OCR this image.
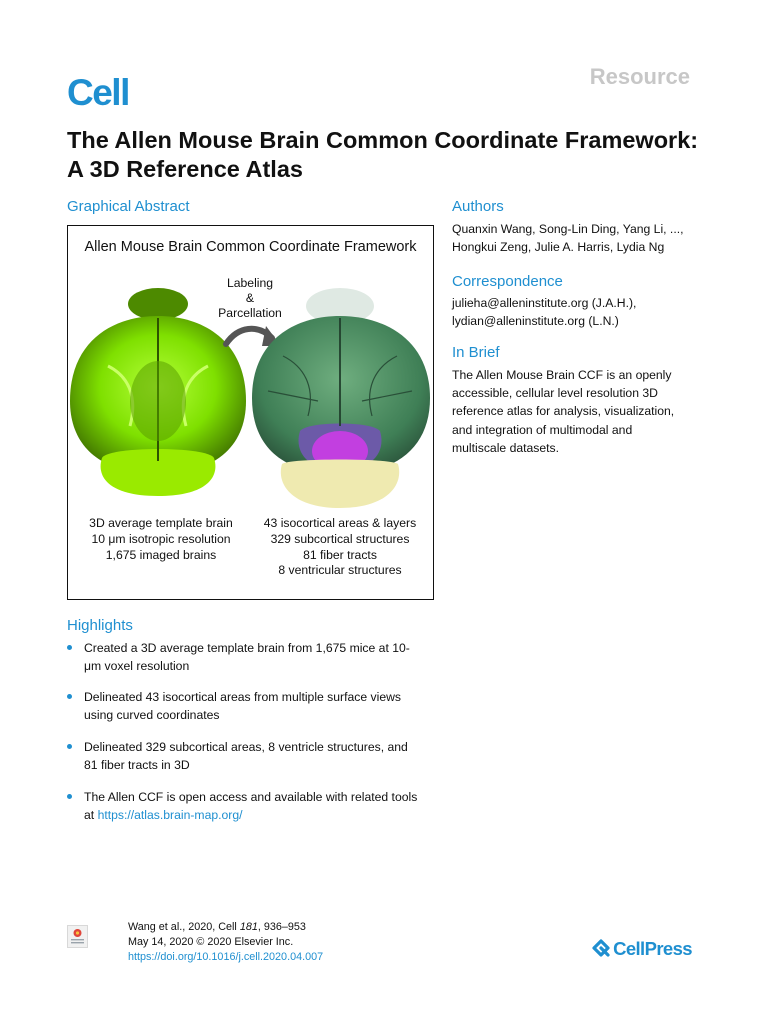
Cell	Resource
The Allen Mouse Brain Common Coordinate Framework: A 3D Reference Atlas
Graphical Abstract
Allen Mouse Brain Common Coordinate Framework
Labeling
&
Parcellation
3D average template brain
10 μm isotropic resolution
1,675 imaged brains
43 isocortical areas & layers
329 subcortical structures
81 fiber tracts
8 ventricular structures
Authors
Quanxin Wang, Song-Lin Ding, Yang Li, ...,
Hongkui Zeng, Julie A. Harris, Lydia Ng
Correspondence
julieha@alleninstitute.org (J.A.H.),
lydian@alleninstitute.org (L.N.)
In Brief
The Allen Mouse Brain CCF is an openly
accessible, cellular level resolution 3D
reference atlas for analysis, visualization,
and integration of multimodal and
multiscale datasets.
Highlights
Created a 3D average template brain from 1,675 mice at 10-
μm voxel resolution
Delineated 43 isocortical areas from multiple surface views
using curved coordinates
Delineated 329 subcortical areas, 8 ventricle structures, and
81 fiber tracts in 3D
The Allen CCF is open access and available with related tools
at https://atlas.brain-map.org/
Wang et al., 2020, Cell 181, 936–953
May 14, 2020 © 2020 Elsevier Inc.
https://doi.org/10.1016/j.cell.2020.04.007	CellPress
